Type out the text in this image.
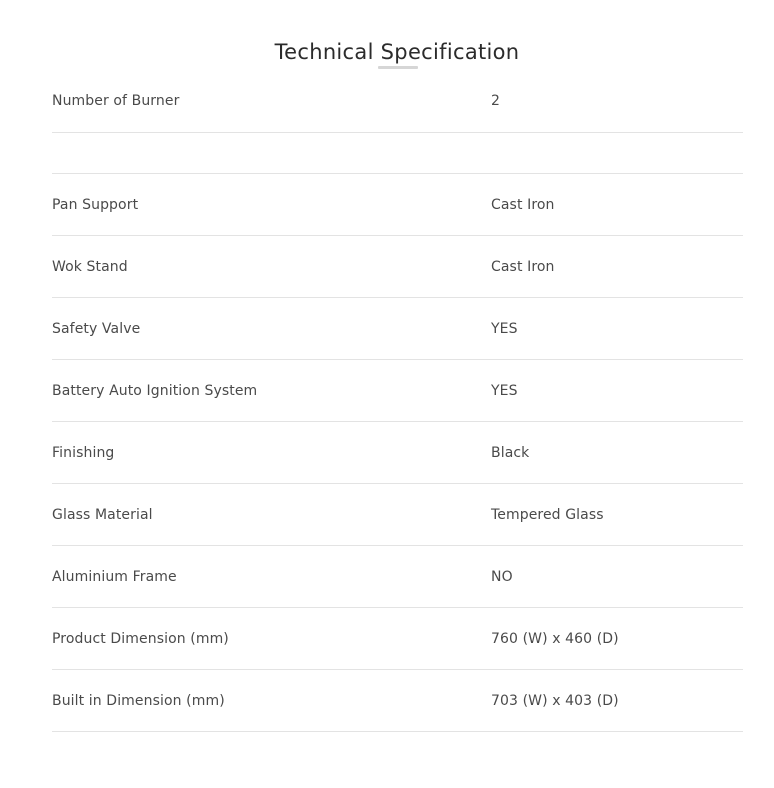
Technical Specification
Number of Burner	2
Pan Support	Cast Iron
Wok Stand	Cast Iron
Safety Valve	YES
Battery Auto Ignition System	YES
Finishing	Black
Glass Material	Tempered Glass
Aluminium Frame	NO
Product Dimension (mm)	760 (W) x 460 (D)
Built in Dimension (mm)	703 (W) x 403 (D)
